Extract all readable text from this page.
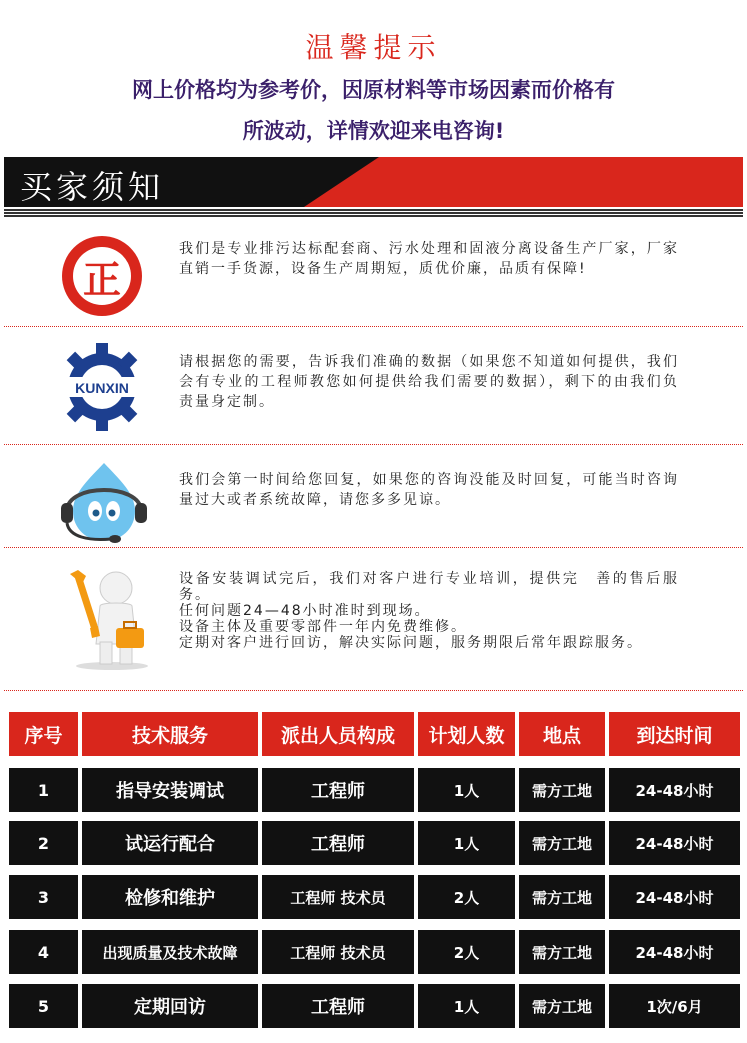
温馨提示
网上价格均为参考价，因原材料等市场因素而价格有
所波动，详情欢迎来电咨询!
买家须知
正
我们是专业排污达标配套商、污水处理和固液分离设备生产厂家，厂家直销一手货源，设备生产周期短，质优价廉，品质有保障!
KUNXIN
请根据您的需要，告诉我们准确的数据（如果您不知道如何提供，我们会有专业的工程师教您如何提供给我们需要的数据），剩下的由我们负责量身定制。
我们会第一时间给您回复，如果您的咨询没能及时回复，可能当时咨询量过大或者系统故障，请您多多见谅。
设备安装调试完后，我们对客户进行专业培训，提供完　善的售后服务。
任何问题24—48小时准时到现场。
设备主体及重要零部件一年内免费维修。
定期对客户进行回访，解决实际问题，服务期限后常年跟踪服务。
序号	技术服务	派出人员构成	计划人数	地点	到达时间
1	指导安装调试	工程师	1人	需方工地	24-48小时
2	试运行配合	工程师	1人	需方工地	24-48小时
3	检修和维护	工程师 技术员	2人	需方工地	24-48小时
4	出现质量及技术故障	工程师 技术员	2人	需方工地	24-48小时
5	定期回访	工程师	1人	需方工地	1次/6月
